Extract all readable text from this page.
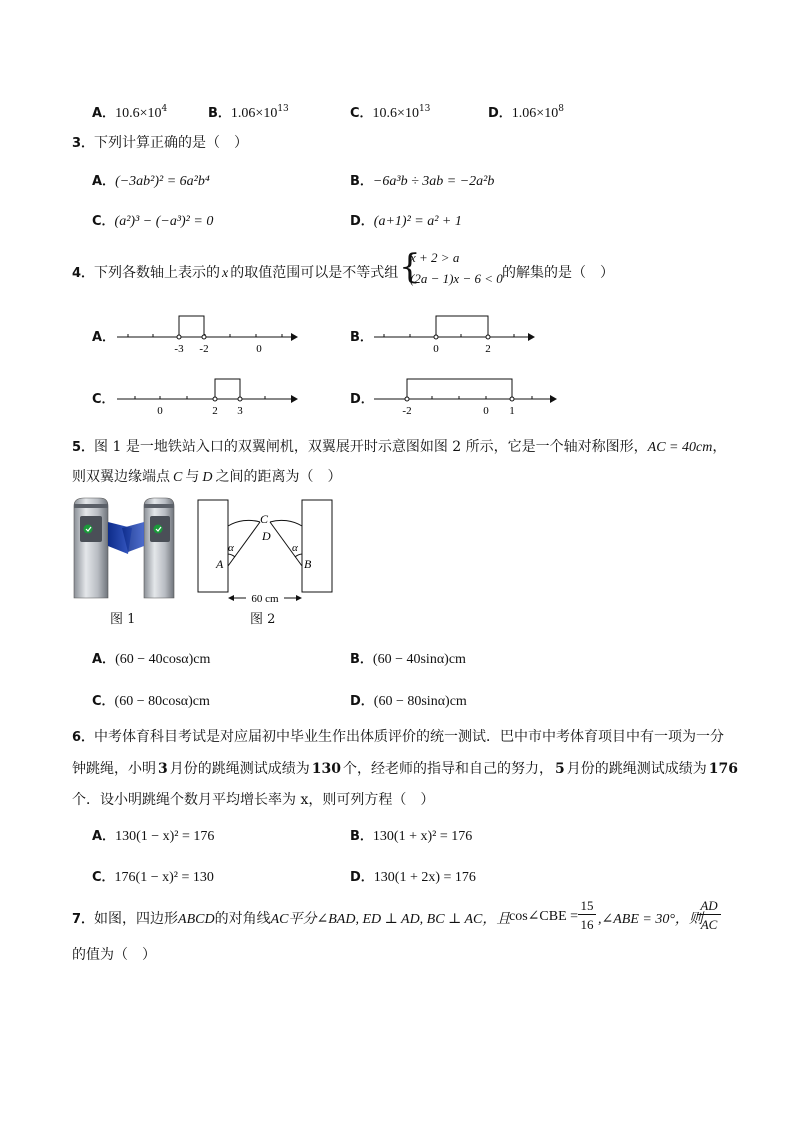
A．$10.6\times 10^4$	B．$1.06\times 10^{13}$	C．$10.6\times 10^{13}$	D．$1.06\times 10^8$
3．下列计算正确的是（　）
A．(−3ab²)² = 6a²b⁴	B．−6a³b ÷ 3ab = −2a²b
C．(a²)³ − (−a³)² = 0	D．(a+1)² = a² + 1
4．下列各数轴上表示的 x 的取值范围可以是不等式组 {
x + 2 > a
(2a − 1)x − 6 < 0 的解集的是（　）
A．
-3 -2	0
B．
0	2
C．
0	2 3
D．
-2	0 1
5．图 1 是一地铁站入口的双翼闸机，双翼展开时示意图如图 2 所示，它是一个轴对称图形，AC = 40cm，
则双翼边缘端点 C 与 D 之间的距离为（　）
图 1
C
D
A	B
α	α
60 cm
图 2
A．(60 − 40cosα)cm	B．(60 − 40sinα)cm
C．(60 − 80cosα)cm	D．(60 − 80sinα)cm
6．中考体育科目考试是对应届初中毕业生作出体质评价的统一测试．巴中市中考体育项目中有一项为一分
钟跳绳，小明 3 月份的跳绳测试成绩为 130 个，经老师的指导和自己的努力， 5 月份的跳绳测试成绩为 176
个．设小明跳绳个数月平均增长率为 x，则可列方程（　）
A．130(1 − x)² = 176	B．130(1 + x)² = 176
C．176(1 − x)² = 130	D．130(1 + 2x) = 176
7．如图，四边形ABCD的对角线AC平分∠BAD, ED ⊥ AD, BC ⊥ AC，且
cos∠CBE =
15
16 ,∠ABE = 30°，则
AD
AC
的值为（　）
